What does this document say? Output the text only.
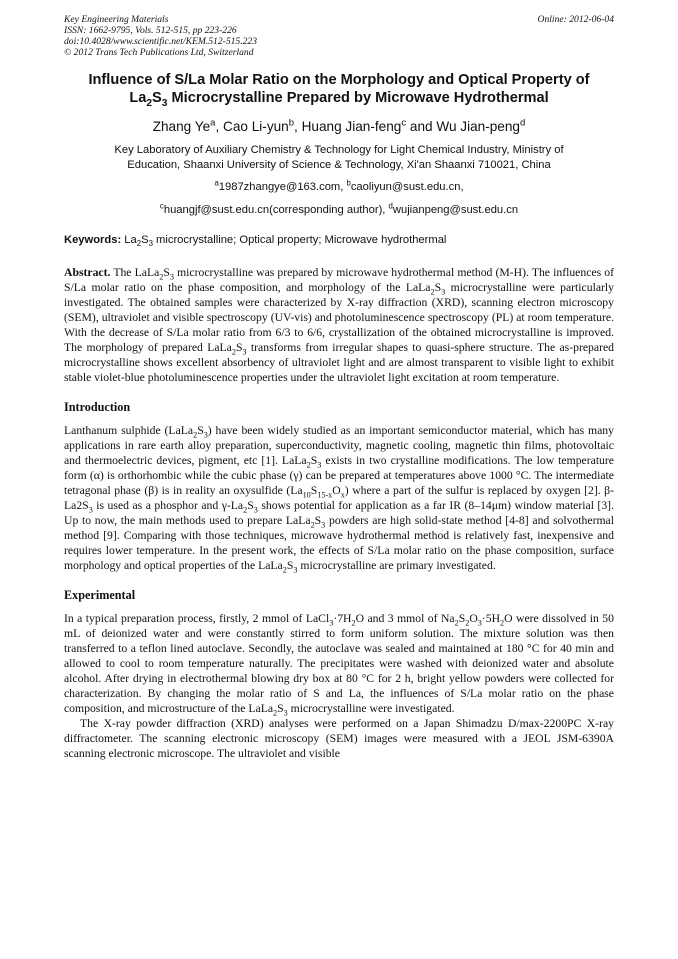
Key Engineering Materials
ISSN: 1662-9795, Vols. 512-515, pp 223-226
doi:10.4028/www.scientific.net/KEM.512-515.223
© 2012 Trans Tech Publications Ltd, Switzerland
Online: 2012-06-04
Influence of S/La Molar Ratio on the Morphology and Optical Property of
$La_2S_3$ Microcrystalline Prepared by Microwave Hydrothermal
Zhang Ye$^a$, Cao Li-yun$^b$, Huang Jian-feng$^c$ and Wu Jian-peng$^d$
Key Laboratory of Auxiliary Chemistry & Technology for Light Chemical Industry, Ministry of
Education, Shaanxi University of Science & Technology, Xi'an Shaanxi 710021, China
$^a$1987zhangye@163.com, $^b$caoliyun@sust.edu.cn,
$^c$huangjf@sust.edu.cn(corresponding author), $^d$wujianpeng@sust.edu.cn
Keywords: $La_2S_3$ microcrystalline; Optical property; Microwave hydrothermal
Abstract. The $LaLa_2S_3$ microcrystalline was prepared by microwave hydrothermal method (M-H). The influences of S/La molar ratio on the phase composition, and morphology of the $LaLa_2S_3$ microcrystalline were particularly investigated. The obtained samples were characterized by X-ray diffraction (XRD), scanning electron microscopy (SEM), ultraviolet and visible spectroscopy (UV-vis) and photoluminescence spectroscopy (PL) at room temperature. With the decrease of S/La molar ratio from 6/3 to 6/6, crystallization of the obtained microcrystalline is improved. The morphology of prepared $LaLa_2S_3$ transforms from irregular shapes to quasi-sphere structure. The as-prepared microcrystalline shows excellent absorbency of ultraviolet light and are almost transparent to visible light to exhibit stable violet-blue photoluminescence properties under the ultraviolet light excitation at room temperature.
Introduction
Lanthanum sulphide $(LaLa_2S_3)$ have been widely studied as an important semiconductor material, which has many applications in rare earth alloy preparation, superconductivity, magnetic cooling, magnetic thin films, photovoltaic and thermoelectric devices, pigment, etc [1]. $LaLa_2S_3$ exists in two crystalline modifications. The low temperature form (α) is orthorhombic while the cubic phase (γ) can be prepared at temperatures above 1000 °C. The intermediate tetragonal phase (β) is in reality an oxysulfide $(La_{10}S_{15-x}O_x)$ where a part of the sulfur is replaced by oxygen [2]. $\beta-La2S_3$ is used as a phosphor and $\gamma-La_2S_3$ shows potential for application as a far IR (8–14μm) window material [3]. Up to now, the main methods used to prepare $LaLa_2S_3$ powders are high solid-state method [4-8] and solvothermal method [9]. Comparing with those techniques, microwave hydrothermal method is relatively fast, inexpensive and requires lower temperature. In the present work, the effects of S/La molar ratio on the phase composition, surface morphology and optical properties of the $LaLa_2S_3$ microcrystalline are primary investigated.
Experimental
In a typical preparation process, firstly, 2 mmol of $LaCl_3\cdot 7H_2O$ and 3 mmol of $Na_2S_2O_3\cdot 5H_2O$ were dissolved in 50 mL of deionized water and were constantly stirred to form uniform solution. The mixture solution was then transferred to a teflon lined autoclave. Secondly, the autoclave was sealed and maintained at 180 °C for 40 min and allowed to cool to room temperature naturally. The precipitates were washed with deionized water and absolute alcohol. After drying in electrothermal blowing dry box at 80 °C for 2 h, bright yellow powders were collected for characterization. By changing the molar ratio of S and La, the influences of S/La molar ratio on the phase composition, and microstructure of the $LaLa_2S_3$ microcrystalline were investigated.
The X-ray powder diffraction (XRD) analyses were performed on a Japan Shimadzu D/max-2200PC X-ray diffractometer. The scanning electronic microscopy (SEM) images were measured with a JEOL JSM-6390A scanning electronic microscope. The ultraviolet and visible
